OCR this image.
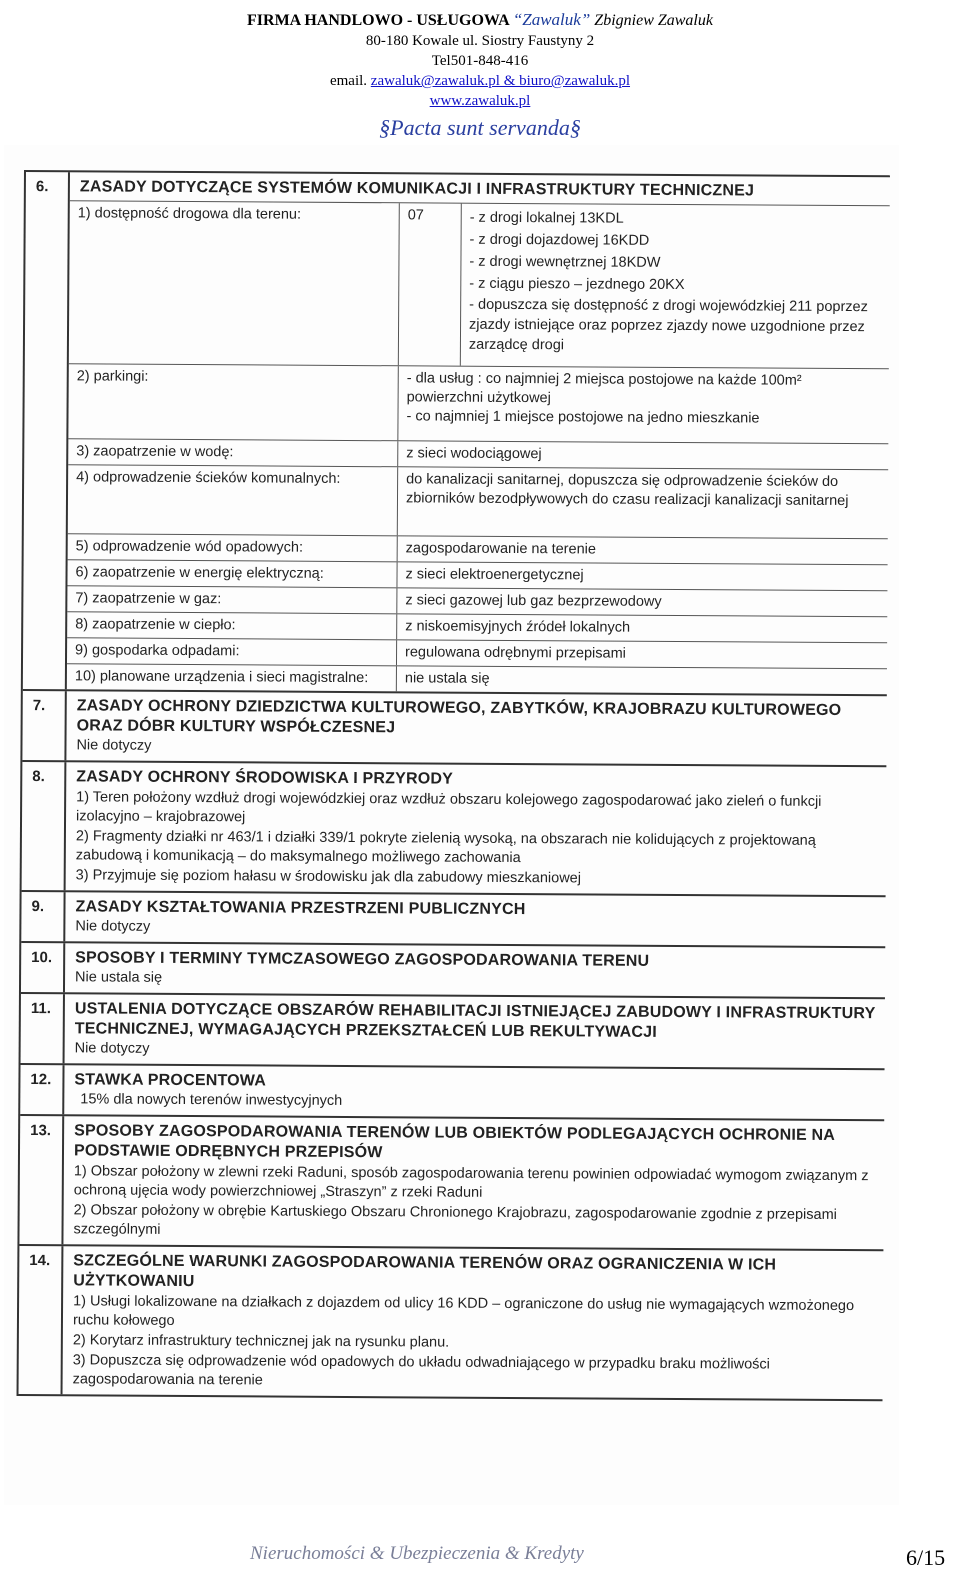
FIRMA HANDLOWO - USŁUGOWA “Zawaluk” Zbigniew Zawaluk
80-180 Kowale ul. Siostry Faustyny 2
Tel501-848-416
email. zawaluk@zawaluk.pl & biuro@zawaluk.pl
www.zawaluk.pl
§Pacta sunt servanda§
6.	ZASADY DOTYCZĄCE SYSTEMÓW KOMUNIKACJI I INFRASTRUKTURY TECHNICZNEJ
1) dostępność drogowa dla terenu:	07	- z drogi lokalnej 13KDL
- z drogi dojazdowej 16KDD
- z drogi wewnętrznej 18KDW
- z ciągu pieszo – jezdnego 20KX
- dopuszcza się dostępność z drogi wojewódzkiej 211 poprzez zjazdy istniejące oraz poprzez zjazdy nowe uzgodnione przez zarządcę drogi
2) parkingi:	- dla usług : co najmniej 2 miejsca postojowe na każde 100m² powierzchni użytkowej
- co najmniej 1 miejsce postojowe na jedno mieszkanie
3) zaopatrzenie w wodę:	z sieci wodociągowej
4) odprowadzenie ścieków komunalnych:	do kanalizacji sanitarnej, dopuszcza się odprowadzenie ścieków do zbiorników bezodpływowych do czasu realizacji kanalizacji sanitarnej
5) odprowadzenie wód opadowych:	zagospodarowanie na terenie
6) zaopatrzenie w energię elektryczną:	z sieci elektroenergetycznej
7) zaopatrzenie w gaz:	z sieci gazowej lub gaz bezprzewodowy
8) zaopatrzenie w ciepło:	z niskoemisyjnych źródeł lokalnych
9) gospodarka odpadami:	regulowana odrębnymi przepisami
10) planowane urządzenia i sieci magistralne:	nie ustala się
7.	ZASADY OCHRONY DZIEDZICTWA KULTUROWEGO, ZABYTKÓW, KRAJOBRAZU KULTUROWEGO ORAZ DÓBR KULTURY WSPÓŁCZESNEJ
Nie dotyczy
8.	ZASADY OCHRONY ŚRODOWISKA I PRZYRODY
1) Teren położony wzdłuż drogi wojewódzkiej oraz wzdłuż obszaru kolejowego zagospodarować jako zieleń o funkcji izolacyjno – krajobrazowej
2) Fragmenty działki nr 463/1 i działki 339/1 pokryte zielenią wysoką, na obszarach nie kolidujących z projektowaną zabudową i komunikacją – do maksymalnego możliwego zachowania
3) Przyjmuje się poziom hałasu w środowisku jak dla zabudowy mieszkaniowej
9.	ZASADY KSZTAŁTOWANIA PRZESTRZENI PUBLICZNYCH
Nie dotyczy
10.	SPOSOBY I TERMINY TYMCZASOWEGO ZAGOSPODAROWANIA TERENU
Nie ustala się
11.	USTALENIA DOTYCZĄCE OBSZARÓW REHABILITACJI ISTNIEJĄCEJ ZABUDOWY I INFRASTRUKTURY TECHNICZNEJ, WYMAGAJĄCYCH PRZEKSZTAŁCEŃ LUB REKULTYWACJI
Nie dotyczy
12.	STAWKA PROCENTOWA
15% dla nowych terenów inwestycyjnych
13.	SPOSOBY ZAGOSPODAROWANIA TERENÓW LUB OBIEKTÓW PODLEGAJĄCYCH OCHRONIE NA PODSTAWIE ODRĘBNYCH PRZEPISÓW
1) Obszar położony w zlewni rzeki Raduni, sposób zagospodarowania terenu powinien odpowiadać wymogom związanym z ochroną ujęcia wody powierzchniowej „Straszyn” z rzeki Raduni
2) Obszar położony w obrębie Kartuskiego Obszaru Chronionego Krajobrazu, zagospodarowanie zgodnie z przepisami szczególnymi
14.	SZCZEGÓLNE WARUNKI ZAGOSPODAROWANIA TERENÓW ORAZ OGRANICZENIA W ICH UŻYTKOWANIU
1) Usługi lokalizowane na działkach z dojazdem od ulicy 16 KDD – ograniczone do usług nie wymagających wzmożonego ruchu kołowego
2) Korytarz infrastruktury technicznej jak na rysunku planu.
3) Dopuszcza się odprowadzenie wód opadowych do układu odwadniającego w przypadku braku możliwości zagospodarowania na terenie
Nieruchomości & Ubezpieczenia & Kredyty	6/15
